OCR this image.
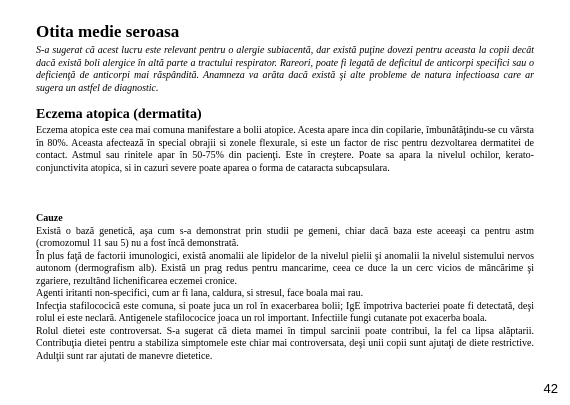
Otita medie seroasa

S-a sugerat că acest lucru este relevant pentru o alergie subiacentă, dar există puţine dovezi pentru aceasta la copii decât dacă există boli alergice în altă parte a tractului respirator. Rareori, poate fi legată de deficitul de anticorpi specifici sau o deficienţă de anticorpi mai răspândită. Anamneza va arăta dacă există şi alte probleme de natura infectioasa care ar sugera un astfel de diagnostic.

Eczema atopica (dermatita)

Eczema atopica este cea mai comuna manifestare a bolii atopice. Acesta apare inca din copilarie, îmbunătăţindu-se cu vârsta în 80%. Aceasta afectează în special obrajii si zonele flexurale, si este un factor de risc pentru dezvoltarea dermatitei de contact. Astmul sau rinitele apar în 50-75% din pacienţi. Este în creştere. Poate sa apara la nivelul ochilor, kerato-conjunctivita atopica, si in cazuri severe poate aparea o forma de cataracta subcapsulara.

Cauze

Există o bază genetică, aşa cum s-a demonstrat prin studii pe gemeni, chiar dacă baza este aceeaşi ca pentru astm (cromozomul 11 sau 5) nu a fost încă demonstrată.

În plus faţă de factorii imunologici, există anomalii ale lipidelor de la nivelul pielii şi anomalii la nivelul sistemului nervos autonom (dermografism alb). Există un prag redus pentru mancarime, ceea ce duce la un cerc vicios de mâncărime şi zgariere, rezultând lichenificarea eczemei cronice.

Agenti iritanti non-specifici, cum ar fi lana, caldura, si stresul, face boala mai rau.

Infecţia stafilococică este comuna, si poate juca un rol în exacerbarea bolii; IgE împotriva bacteriei poate fi detectată, deşi rolul ei este neclară. Antigenele stafilococice joaca un rol important. Infectiile fungi cutanate pot exacerba boala.

Rolul dietei este controversat. S-a sugerat că dieta mamei în timpul sarcinii poate contribui, la fel ca lipsa alăptarii. Contribuţia dietei pentru a stabiliza simptomele este chiar mai controversata, deşi unii copii sunt ajutaţi de diete restrictive. Adulţii sunt rar ajutati de manevre dietetice.

42
